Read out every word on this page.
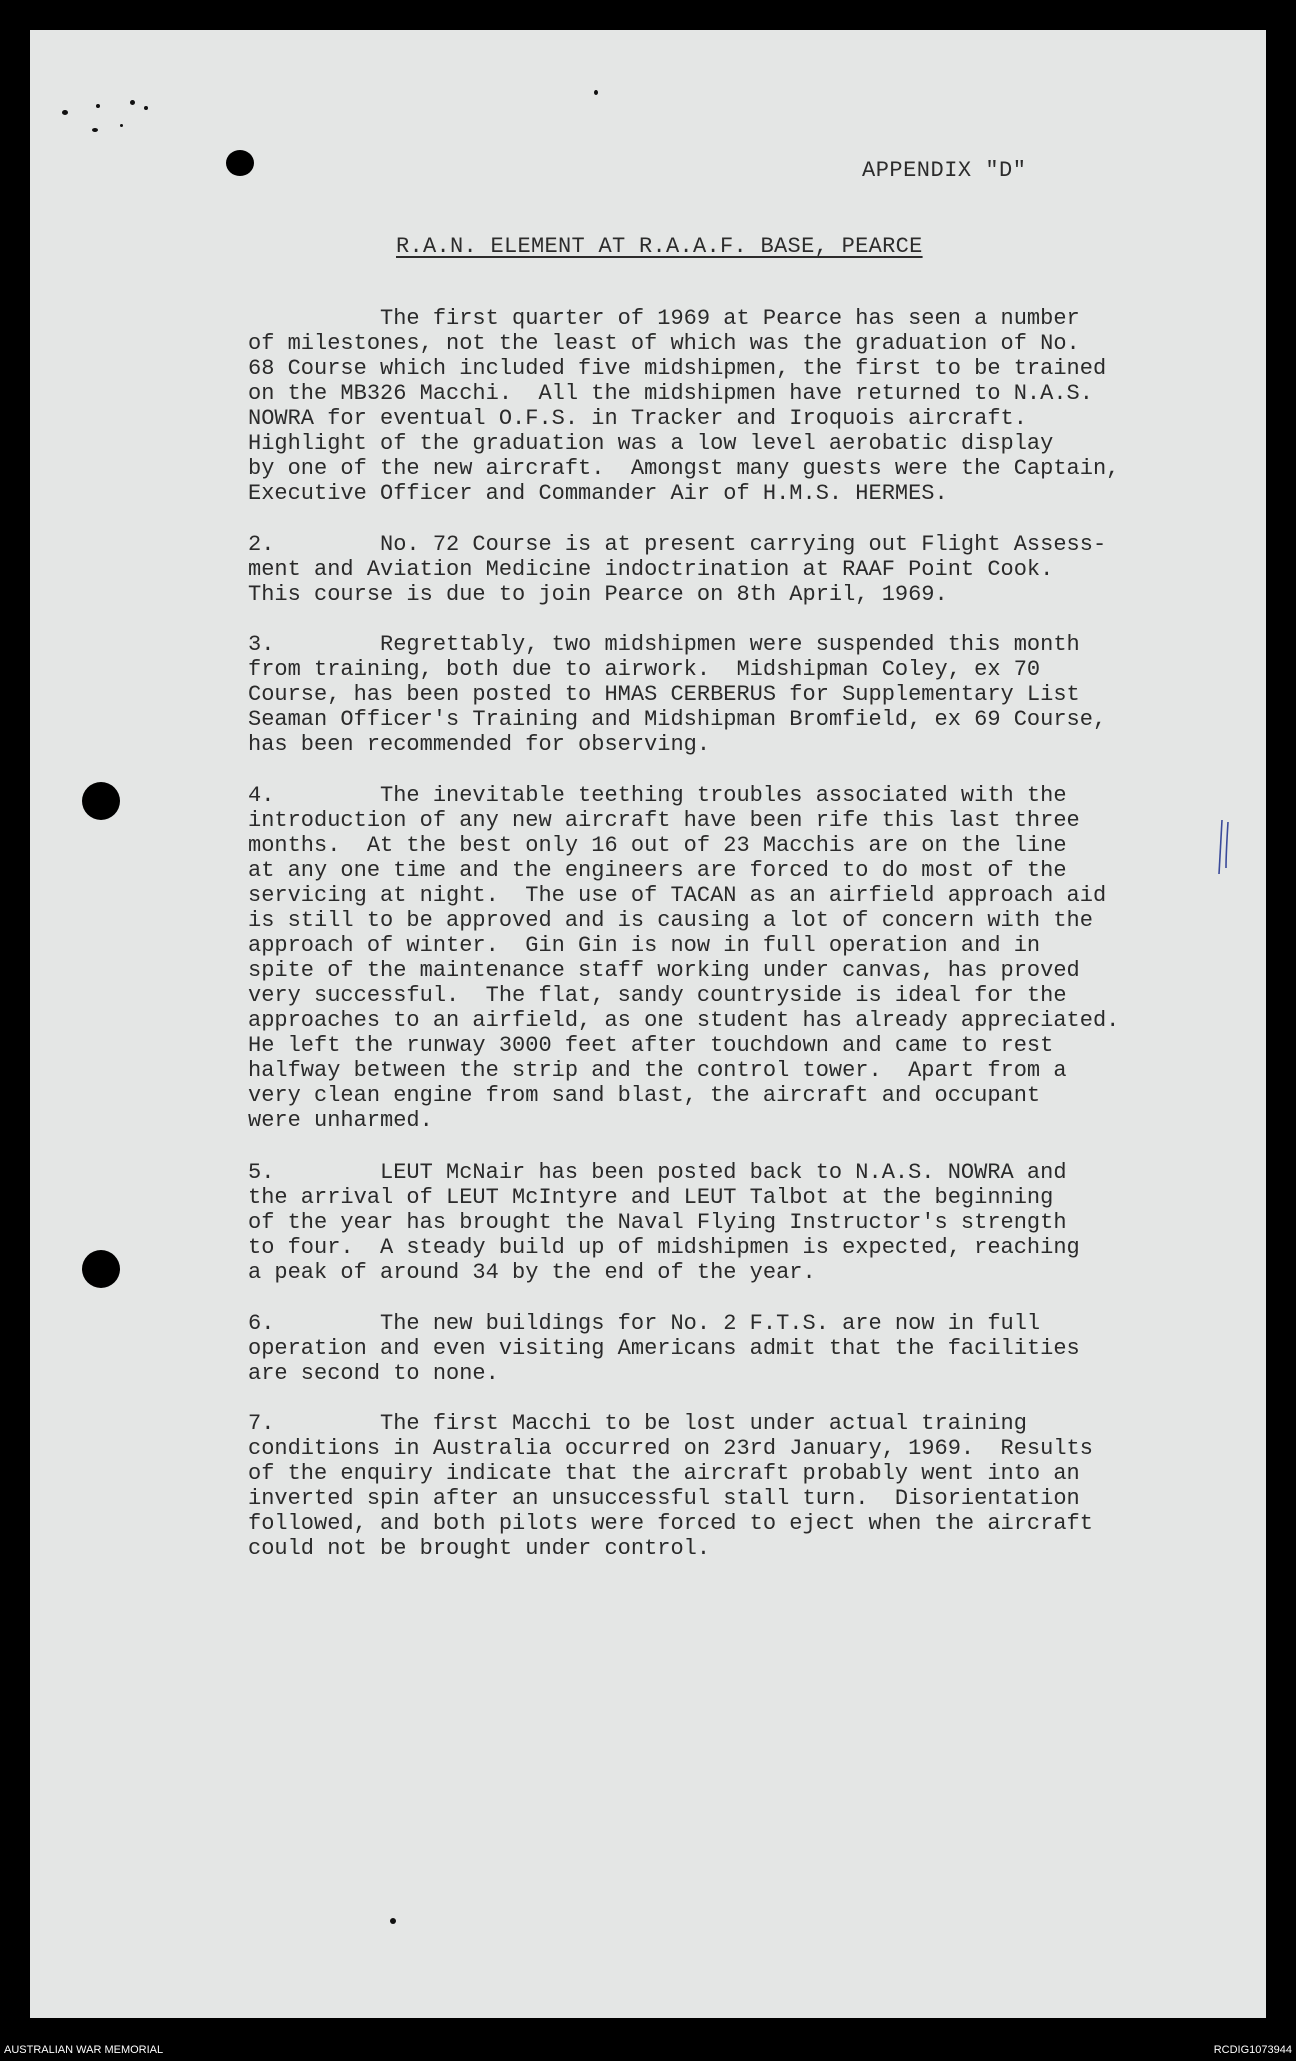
APPENDIX "D"
R.A.N. ELEMENT AT R.A.A.F. BASE, PEARCE
The first quarter of 1969 at Pearce has seen a number
of milestones, not the least of which was the graduation of No.
68 Course which included five midshipmen, the first to be trained
on the MB326 Macchi.  All the midshipmen have returned to N.A.S.
NOWRA for eventual O.F.S. in Tracker and Iroquois aircraft.
Highlight of the graduation was a low level aerobatic display
by one of the new aircraft.  Amongst many guests were the Captain,
Executive Officer and Commander Air of H.M.S. HERMES.
2.        No. 72 Course is at present carrying out Flight Assess-
ment and Aviation Medicine indoctrination at RAAF Point Cook.
This course is due to join Pearce on 8th April, 1969.
3.        Regrettably, two midshipmen were suspended this month
from training, both due to airwork.  Midshipman Coley, ex 70
Course, has been posted to HMAS CERBERUS for Supplementary List
Seaman Officer's Training and Midshipman Bromfield, ex 69 Course,
has been recommended for observing.
4.        The inevitable teething troubles associated with the
introduction of any new aircraft have been rife this last three
months.  At the best only 16 out of 23 Macchis are on the line
at any one time and the engineers are forced to do most of the
servicing at night.  The use of TACAN as an airfield approach aid
is still to be approved and is causing a lot of concern with the
approach of winter.  Gin Gin is now in full operation and in
spite of the maintenance staff working under canvas, has proved
very successful.  The flat, sandy countryside is ideal for the
approaches to an airfield, as one student has already appreciated.
He left the runway 3000 feet after touchdown and came to rest
halfway between the strip and the control tower.  Apart from a
very clean engine from sand blast, the aircraft and occupant
were unharmed.
5.        LEUT McNair has been posted back to N.A.S. NOWRA and
the arrival of LEUT McIntyre and LEUT Talbot at the beginning
of the year has brought the Naval Flying Instructor's strength
to four.  A steady build up of midshipmen is expected, reaching
a peak of around 34 by the end of the year.
6.        The new buildings for No. 2 F.T.S. are now in full
operation and even visiting Americans admit that the facilities
are second to none.
7.        The first Macchi to be lost under actual training
conditions in Australia occurred on 23rd January, 1969.  Results
of the enquiry indicate that the aircraft probably went into an
inverted spin after an unsuccessful stall turn.  Disorientation
followed, and both pilots were forced to eject when the aircraft
could not be brought under control.
AUSTRALIAN WAR MEMORIAL	RCDIG1073944
